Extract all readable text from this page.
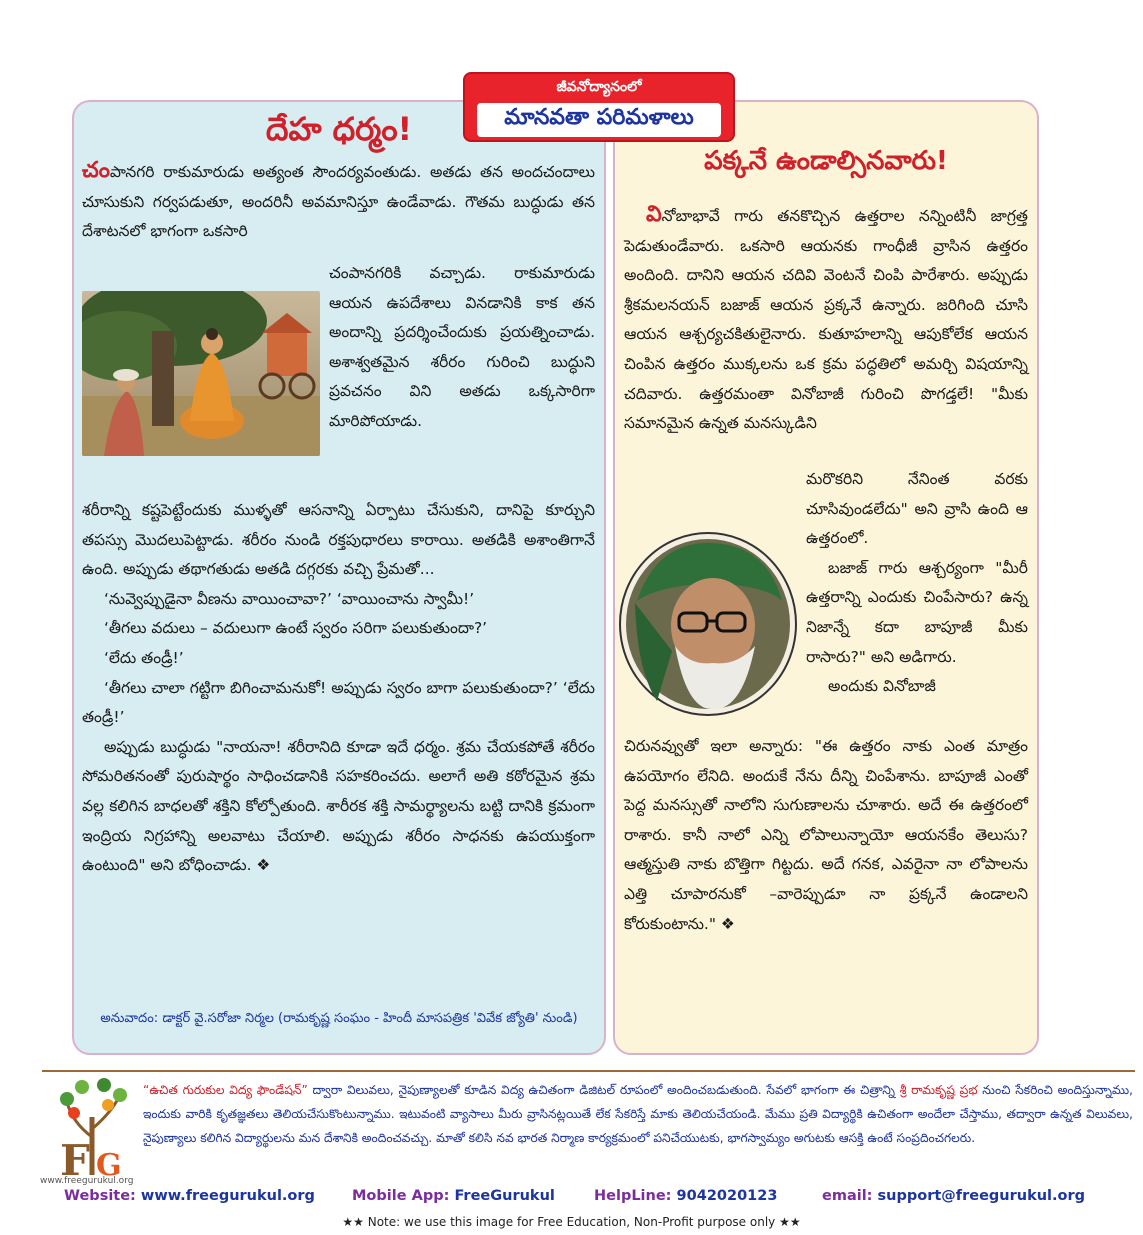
జీవనోద్యానంలో
మానవతా పరిమళాలు
దేహ ధర్మం!

చంపానగరి రాకుమారుడు అత్యంత సౌందర్యవంతుడు. అతడు తన అందచందాలు చూసుకుని గర్వపడుతూ, అందరినీ అవమానిస్తూ ఉండేవాడు. గౌతమ బుద్ధుడు తన దేశాటనలో భాగంగా ఒకసారి

చంపానగరికి వచ్చాడు. రాకుమారుడు ఆయన ఉపదేశాలు వినడానికి కాక తన అందాన్ని ప్రదర్శించేందుకు ప్రయత్నించాడు. అశాశ్వతమైన శరీరం గురించి బుద్ధుని ప్రవచనం విని అతడు ఒక్కసారిగా మారిపోయాడు.

శరీరాన్ని కష్టపెట్టేందుకు ముళ్ళతో ఆసనాన్ని ఏర్పాటు చేసుకుని, దానిపై కూర్చుని తపస్సు మొదలుపెట్టాడు. శరీరం నుండి రక్తపుధారలు కారాయి. అతడికి అశాంతిగానే ఉంది. అప్పుడు తథాగతుడు అతడి దగ్గరకు వచ్చి ప్రేమతో...

‘నువ్వెప్పుడైనా వీణను వాయించావా?’ ‘వాయించాను స్వామీ!’

‘తీగలు వదులు – వదులుగా ఉంటే స్వరం సరిగా పలుకుతుందా?’

‘లేదు తండ్రీ!’

‘తీగలు చాలా గట్టిగా బిగించామనుకో! అప్పుడు స్వరం బాగా పలుకుతుందా?’ ‘లేదు తండ్రీ!’

అప్పుడు బుద్ధుడు "నాయనా! శరీరానిది కూడా ఇదే ధర్మం. శ్రమ చేయకపోతే శరీరం సోమరితనంతో పురుషార్థం సాధించడానికి సహకరించదు. అలాగే అతి కఠోరమైన శ్రమ వల్ల కలిగిన బాధలతో శక్తిని కోల్పోతుంది. శారీరక శక్తి సామర్థ్యాలను బట్టి దానికి క్రమంగా ఇంద్రియ నిగ్రహాన్ని అలవాటు చేయాలి. అప్పుడు శరీరం సాధనకు ఉపయుక్తంగా ఉంటుంది" అని బోధించాడు. ❖

పక్కనే ఉండాల్సినవారు!

వినోబాభావే గారు తనకొచ్చిన ఉత్తరాల నన్నింటినీ జాగ్రత్త పెడుతుండేవారు. ఒకసారి ఆయనకు గాంధీజీ వ్రాసిన ఉత్తరం అందింది. దానిని ఆయన చదివి వెంటనే చింపి పారేశారు. అప్పుడు శ్రీకమలనయన్ బజాజ్ ఆయన ప్రక్కనే ఉన్నారు. జరిగింది చూసి ఆయన ఆశ్చర్యచకితులైనారు. కుతూహలాన్ని ఆపుకోలేక ఆయన చింపిన ఉత్తరం ముక్కలను ఒక క్రమ పద్ధతిలో అమర్చి విషయాన్ని చదివారు. ఉత్తరమంతా వినోబాజీ గురించి పొగడ్తలే! "మీకు సమానమైన ఉన్నత మనస్కుడిని

మరొకరిని నేనింత వరకు చూసివుండలేదు" అని వ్రాసి ఉంది ఆ ఉత్తరంలో.

బజాజ్ గారు ఆశ్చర్యంగా "మీరీ ఉత్తరాన్ని ఎందుకు చింపేసారు? ఉన్న నిజాన్నే కదా బాపూజీ మీకు రాసారు?" అని అడిగారు.

అందుకు వినోబాజీ

చిరునవ్వుతో ఇలా అన్నారు: "ఈ ఉత్తరం నాకు ఎంత మాత్రం ఉపయోగం లేనిది. అందుకే నేను దీన్ని చింపేశాను. బాపూజీ ఎంతో పెద్ద మనస్సుతో నాలోని సుగుణాలను చూశారు. అదే ఈ ఉత్తరంలో రాశారు. కానీ నాలో ఎన్ని లోపాలున్నాయో ఆయనకేం తెలుసు? ఆత్మస్తుతి నాకు బొత్తిగా గిట్టదు. అదే గనక, ఎవరైనా నా లోపాలను ఎత్తి చూపారనుకో –వారెప్పుడూ నా ప్రక్కనే ఉండాలని కోరుకుంటాను." ❖

అనువాదం: డాక్టర్ వై.సరోజా నిర్మల (రామకృష్ణ సంఘం - హిందీ మాసపత్రిక 'వివేక జ్యోతి' నుండి)
F G
www.freegurukul.org

“ఉచిత గురుకుల విద్య ఫౌండేషన్” ద్వారా విలువలు, నైపుణ్యాలతో కూడిన విద్య ఉచితంగా డిజిటల్ రూపంలో అందించబడుతుంది. సేవలో భాగంగా ఈ చిత్రాన్ని శ్రీ రామకృష్ణ ప్రభ నుంచి సేకరించి అందిస్తున్నాము, ఇందుకు వారికి కృతజ్ఞతలు తెలియచేసుకొంటున్నాము. ఇటువంటి వ్యాసాలు మీరు వ్రాసినట్లయితే లేక సేకరిస్తే మాకు తెలియచేయండి. మేము ప్రతి విద్యార్థికి ఉచితంగా అందేలా చేస్తాము, తద్వారా ఉన్నత విలువలు, నైపుణ్యాలు కలిగిన విద్యార్థులను మన దేశానికి అందించవచ్చు. మాతో కలిసి నవ భారత నిర్మాణ కార్యక్రమంలో పనిచేయుటకు, భాగస్వామ్యం అగుటకు ఆసక్తి ఉంటే సంప్రదించగలరు.

Website: www.freegurukul.org	Mobile App: FreeGurukul	HelpLine: 9042020123	email: support@freegurukul.org
★★ Note: we use this image for Free Education, Non-Profit purpose only ★★
